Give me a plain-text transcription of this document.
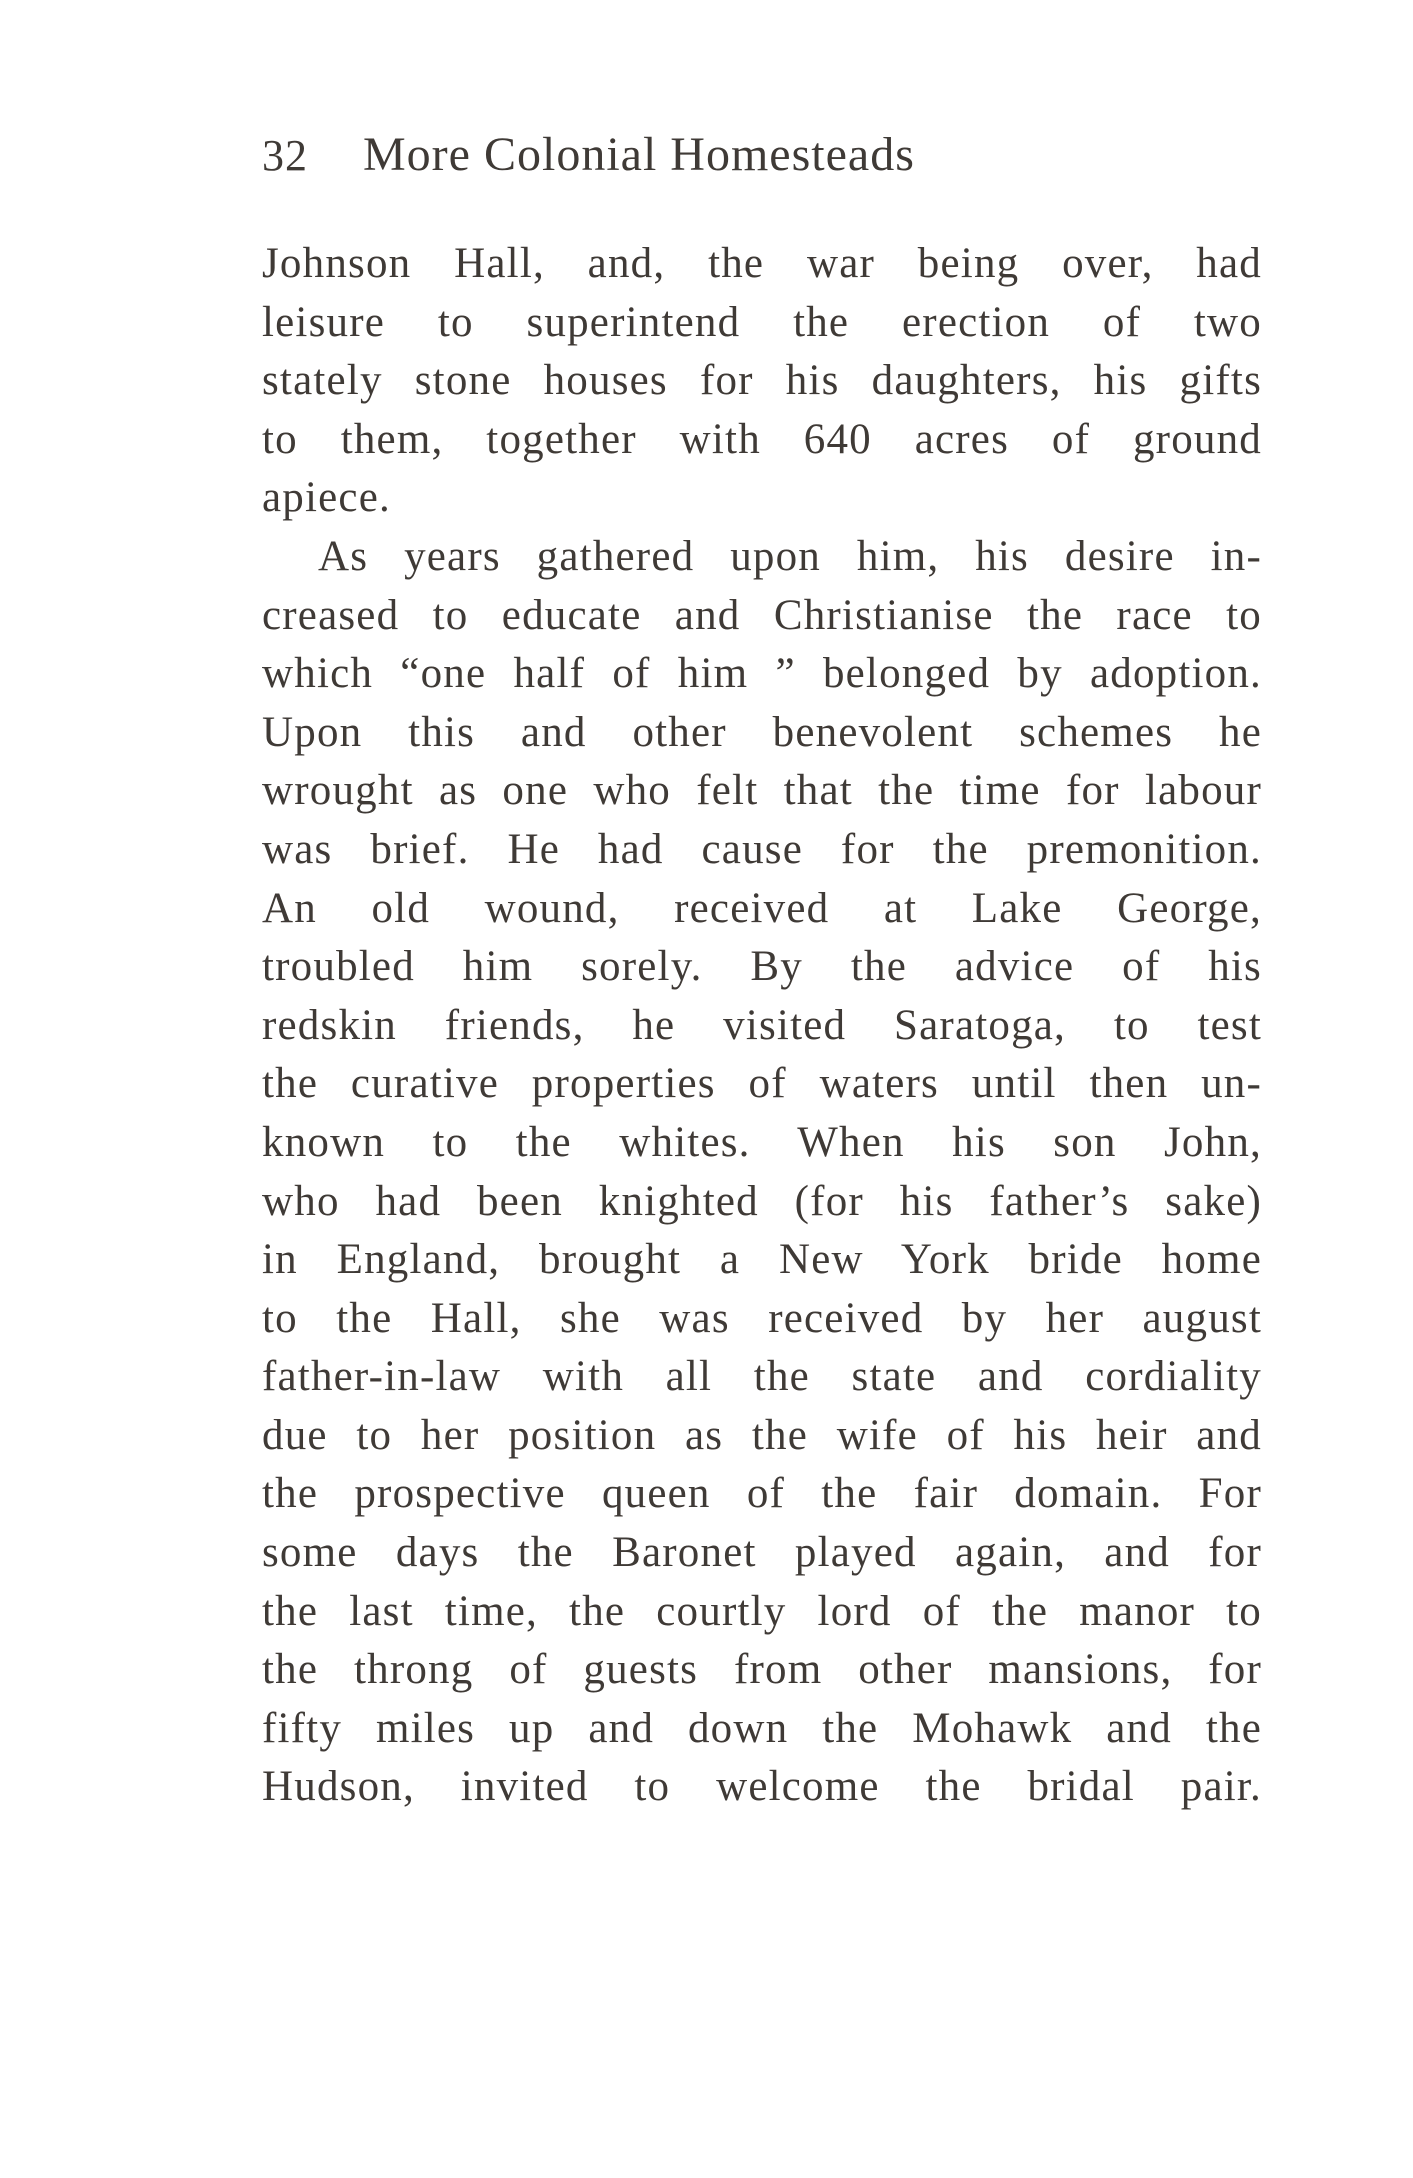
32 More Colonial Homesteads
Johnson Hall, and, the war being over, had
leisure to superintend the erection of two
stately stone houses for his daughters, his gifts
to them, together with 640 acres of ground
apiece.
As years gathered upon him, his desire in-
creased to educate and Christianise the race to
which “one half of him ” belonged by adoption.
Upon this and other benevolent schemes he
wrought as one who felt that the time for labour
was brief. He had cause for the premonition.
An old wound, received at Lake George,
troubled him sorely. By the advice of his
redskin friends, he visited Saratoga, to test
the curative properties of waters until then un-
known to the whites. When his son John,
who had been knighted (for his father’s sake)
in England, brought a New York bride home
to the Hall, she was received by her august
father-in-law with all the state and cordiality
due to her position as the wife of his heir and
the prospective queen of the fair domain. For
some days the Baronet played again, and for
the last time, the courtly lord of the manor to
the throng of guests from other mansions, for
fifty miles up and down the Mohawk and the
Hudson, invited to welcome the bridal pair.
